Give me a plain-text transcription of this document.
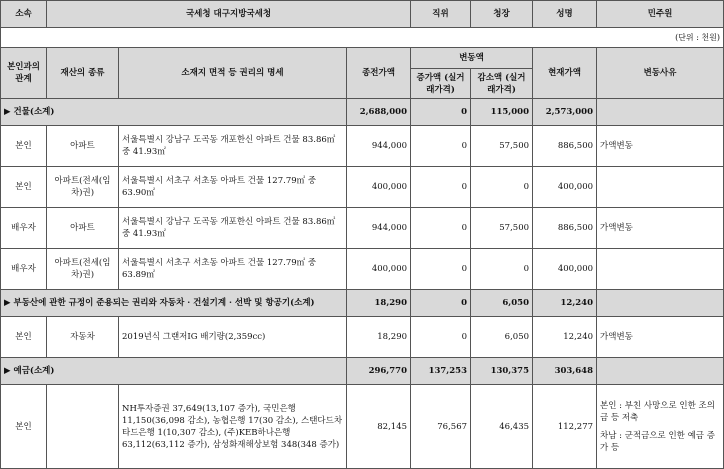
소속	국세청 대구지방국세청			직위	청장	성명	민주원
							(단위 : 천원)
본인과의 관계	재산의 종류	소재지 면적 등 권리의 명세	종전가액	변동액		현재가액	변동사유
				증가액 (실거래가격)	감소액 (실거래가격)		
▶ 건물(소계)			2,688,000	0	115,000	2,573,000	
본인	아파트	서울특별시 강남구 도곡동 개포한신 아파트 건물 83.86㎡ 중 41.93㎡	944,000	0	57,500	886,500	가액변동

본인	아파트(전세(임차)권)	서울특별시 서초구 서초동 아파트 건물 127.79㎡ 중 63.90㎡	400,000	0	0	400,000	
배우자	아파트	서울특별시 강남구 도곡동 개포한신 아파트 건물 83.86㎡ 중 41.93㎡	944,000	0	57,500	886,500	가액변동

배우자	아파트(전세(임차)권)	서울특별시 서초구 서초동 아파트 건물 127.79㎡ 중 63.89㎡	400,000	0	0	400,000	
▶ 부동산에 관한 규정이 준용되는 권리와 자동차 · 건설기계 · 선박 및 항공기(소계)			18,290	0	6,050	12,240	
본인	자동차	2019년식 그랜저IG 배기량(2,359cc)	18,290	0	6,050	12,240	가액변동

▶ 예금(소계)			296,770	137,253	130,375	303,648	
본인		NH투자증권 37,649(13,107 증가), 국민은행 11,150(36,098 감소), 농협은행 17(30 감소), 스탠다드차타드은행 1(10,307 감소), (주)KEB하나은행 63,112(63,112 증가), 삼성화재해상보험 348(348 증가)	82,145	76,567	46,435	112,277	본인 : 부친 사망으로 인한 조의금 등 저축
차남 : 군적금으로 인한 예금 증가 등
